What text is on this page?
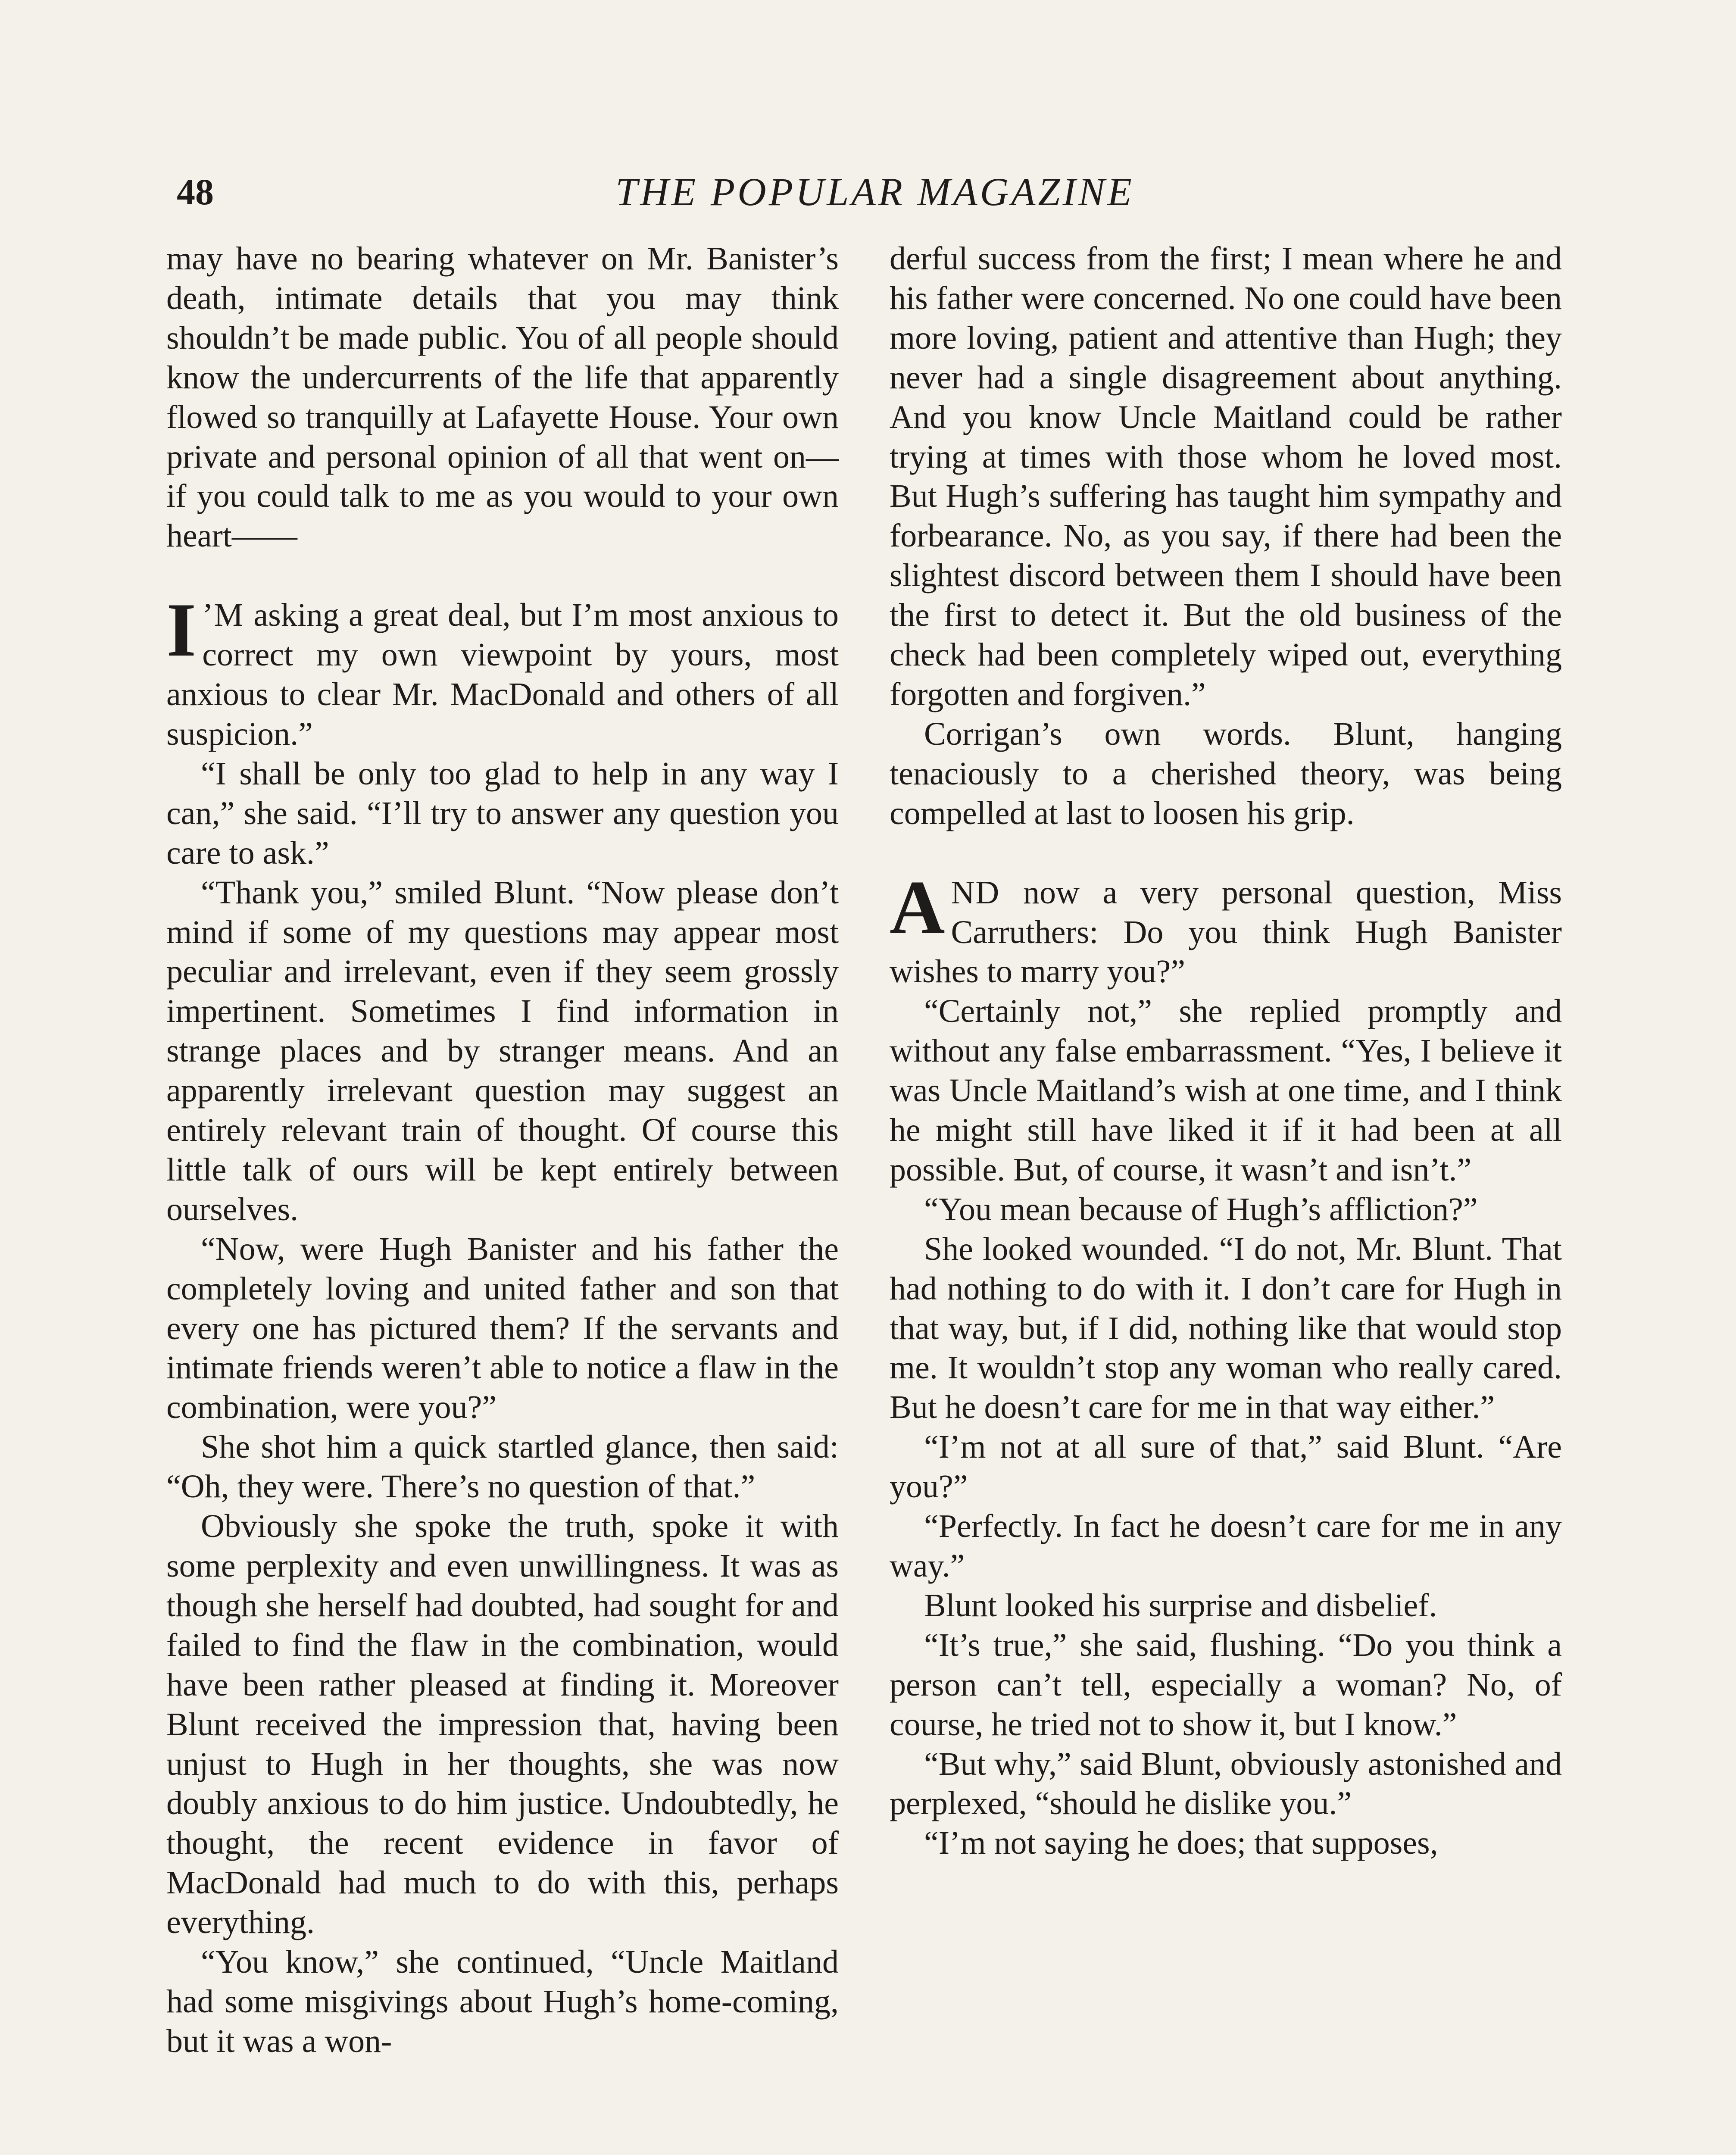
48	THE POPULAR MAGAZINE

may have no bearing whatever on Mr. Banister’s death, intimate details that you may think shouldn’t be made public. You of all people should know the undercurrents of the life that apparently flowed so tranquilly at Lafayette House. Your own private and personal opinion of all that went on—if you could talk to me as you would to your own heart——

I ’M asking a great deal, but I’m most anxious to correct my own viewpoint by yours, most anxious to clear Mr. MacDonald and others of all suspicion.”

“I shall be only too glad to help in any way I can,” she said. “I’ll try to answer any question you care to ask.”

“Thank you,” smiled Blunt. “Now please don’t mind if some of my questions may appear most peculiar and irrelevant, even if they seem grossly impertinent. Sometimes I find information in strange places and by stranger means. And an apparently irrelevant question may suggest an entirely relevant train of thought. Of course this little talk of ours will be kept entirely between ourselves.

“Now, were Hugh Banister and his father the completely loving and united father and son that every one has pictured them? If the servants and intimate friends weren’t able to notice a flaw in the combination, were you?”

She shot him a quick startled glance, then said: “Oh, they were. There’s no question of that.”

Obviously she spoke the truth, spoke it with some perplexity and even unwillingness. It was as though she herself had doubted, had sought for and failed to find the flaw in the combination, would have been rather pleased at finding it. Moreover Blunt received the impression that, having been unjust to Hugh in her thoughts, she was now doubly anxious to do him justice. Undoubtedly, he thought, the recent evidence in favor of MacDonald had much to do with this, perhaps everything.

“You know,” she continued, “Uncle Maitland had some misgivings about Hugh’s home-coming, but it was a won-

derful success from the first; I mean where he and his father were concerned. No one could have been more loving, patient and attentive than Hugh; they never had a single disagreement about anything. And you know Uncle Maitland could be rather trying at times with those whom he loved most. But Hugh’s suffering has taught him sympathy and forbearance. No, as you say, if there had been the slightest discord between them I should have been the first to detect it. But the old business of the check had been completely wiped out, everything forgotten and forgiven.”

Corrigan’s own words. Blunt, hanging tenaciously to a cherished theory, was being compelled at last to loosen his grip.

AND now a very personal question, Miss Carruthers: Do you think Hugh Banister wishes to marry you?”

“Certainly not,” she replied promptly and without any false embarrassment. “Yes, I believe it was Uncle Maitland’s wish at one time, and I think he might still have liked it if it had been at all possible. But, of course, it wasn’t and isn’t.”

“You mean because of Hugh’s affliction?”

She looked wounded. “I do not, Mr. Blunt. That had nothing to do with it. I don’t care for Hugh in that way, but, if I did, nothing like that would stop me. It wouldn’t stop any woman who really cared. But he doesn’t care for me in that way either.”

“I’m not at all sure of that,” said Blunt. “Are you?”

“Perfectly. In fact he doesn’t care for me in any way.”

Blunt looked his surprise and disbelief.

“It’s true,” she said, flushing. “Do you think a person can’t tell, especially a woman? No, of course, he tried not to show it, but I know.”

“But why,” said Blunt, obviously astonished and perplexed, “should he dislike you.”

“I’m not saying he does; that supposes,
